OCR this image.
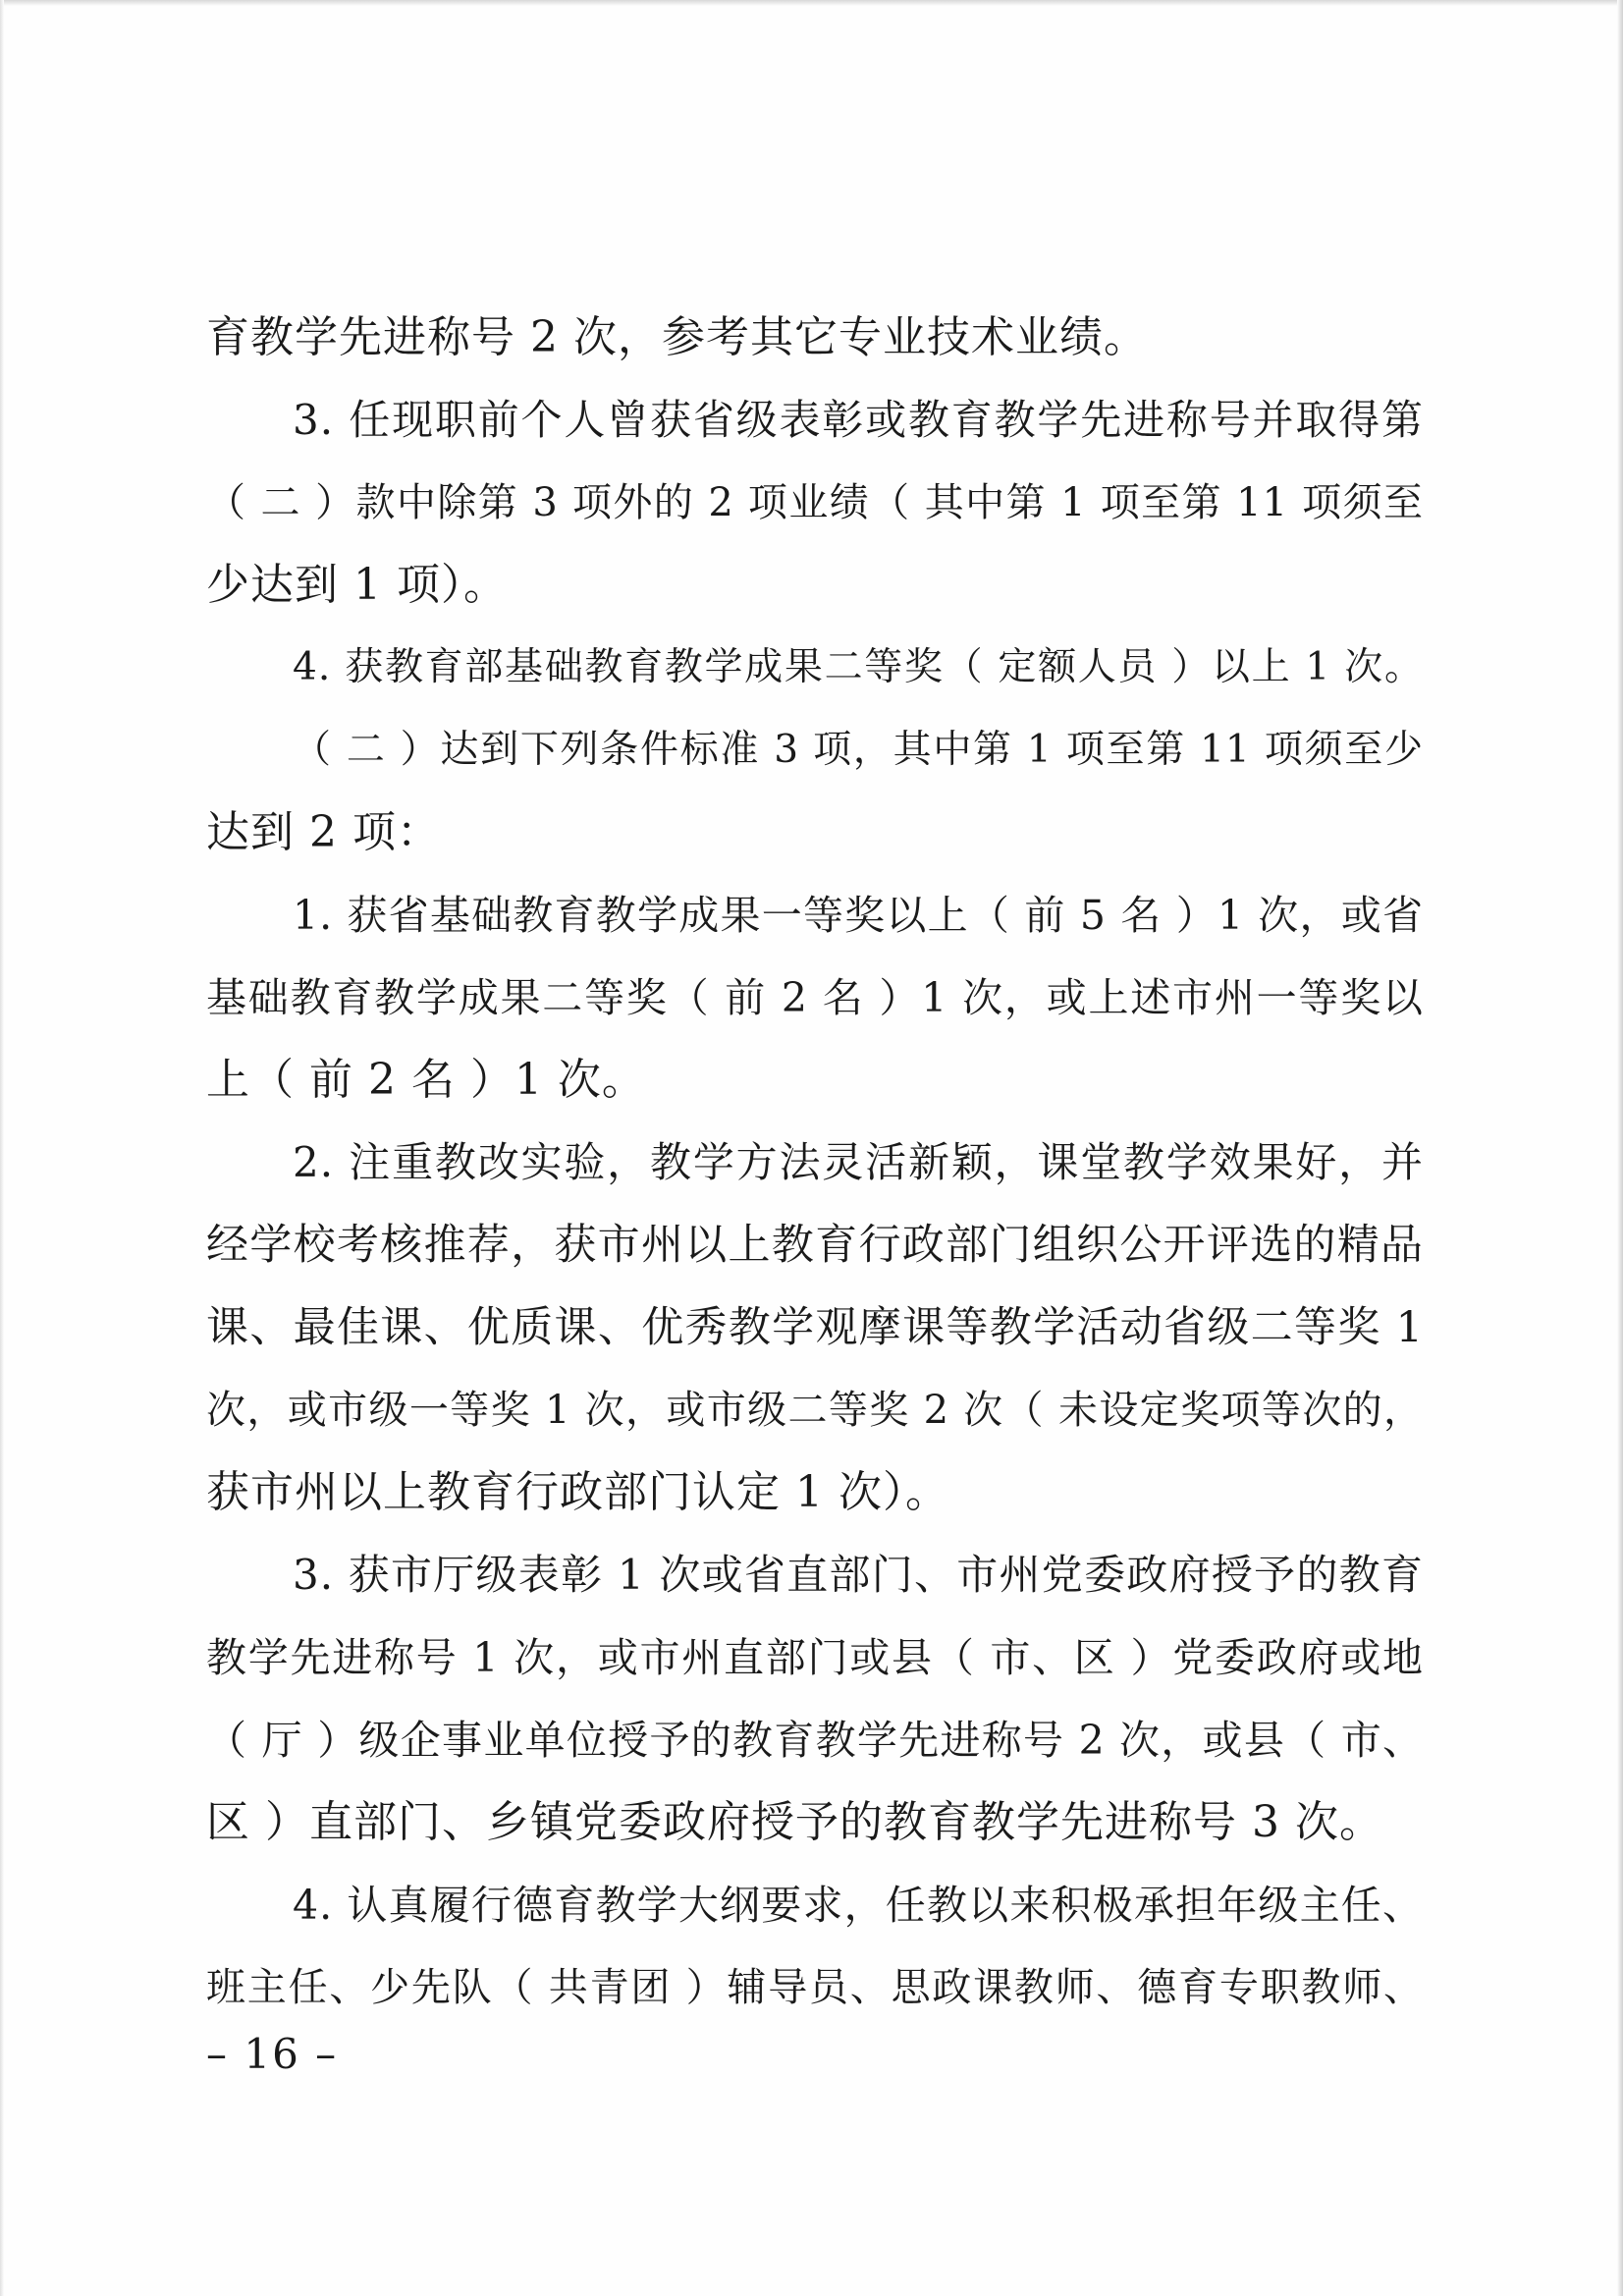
育教学先进称号 2 次，参考其它专业技术业绩。
3. 任现职前个人曾获省级表彰或教育教学先进称号并取得第
（ 二 ）款中除第 3 项外的 2 项业绩（ 其中第 1 项至第 11 项须至
少达到 1 项）。
4. 获教育部基础教育教学成果二等奖（ 定额人员 ）以上 1 次。
（ 二 ）达到下列条件标准 3 项，其中第 1 项至第 11 项须至少
达到 2 项：
1. 获省基础教育教学成果一等奖以上（ 前 5 名 ）1 次，或省
基础教育教学成果二等奖（ 前 2 名 ）1 次，或上述市州一等奖以
上（ 前 2 名 ）1 次。
2. 注重教改实验，教学方法灵活新颖，课堂教学效果好，并
经学校考核推荐，获市州以上教育行政部门组织公开评选的精品
课、最佳课、优质课、优秀教学观摩课等教学活动省级二等奖 1
次，或市级一等奖 1 次，或市级二等奖 2 次（ 未设定奖项等次的，
获市州以上教育行政部门认定 1 次）。
3. 获市厅级表彰 1 次或省直部门、市州党委政府授予的教育
教学先进称号 1 次，或市州直部门或县（ 市、区 ）党委政府或地
（ 厅 ）级企事业单位授予的教育教学先进称号 2 次，或县（ 市、
区 ）直部门、乡镇党委政府授予的教育教学先进称号 3 次。
4. 认真履行德育教学大纲要求，任教以来积极承担年级主任、
班主任、少先队（ 共青团 ）辅导员、思政课教师、德育专职教师、
– 16 –
